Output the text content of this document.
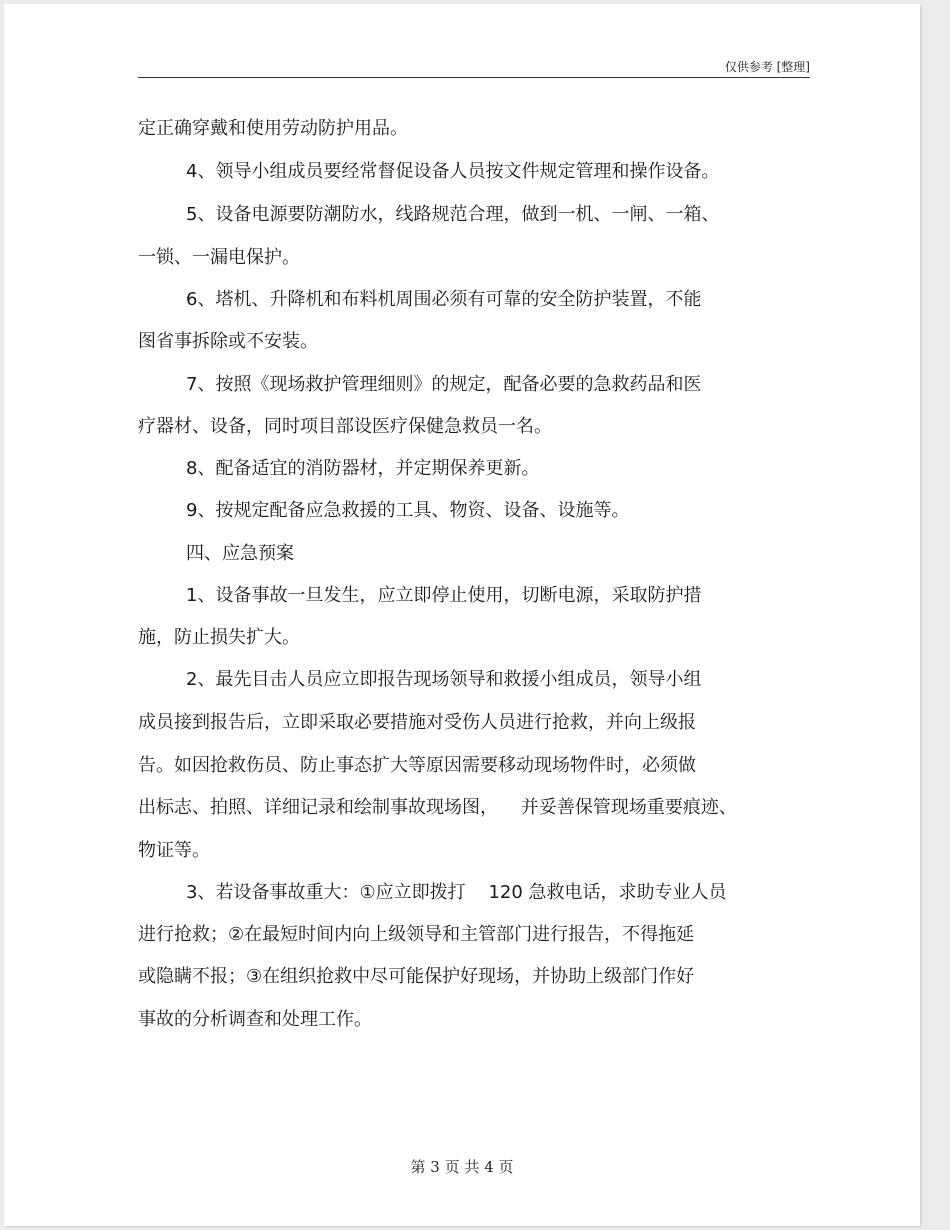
仅供参考 [整理]
定正确穿戴和使用劳动防护用品。
4、领导小组成员要经常督促设备人员按文件规定管理和操作设备。
5、设备电源要防潮防水，线路规范合理，做到一机、一闸、一箱、
一锁、一漏电保护。
6、塔机、升降机和布料机周围必须有可靠的安全防护装置，不能
图省事拆除或不安装。
7、按照《现场救护管理细则》的规定，配备必要的急救药品和医
疗器材、设备，同时项目部设医疗保健急救员一名。
8、配备适宜的消防器材，并定期保养更新。
9、按规定配备应急救援的工具、物资、设备、设施等。
四、应急预案
1、设备事故一旦发生，应立即停止使用，切断电源，采取防护措
施，防止损失扩大。
2、最先目击人员应立即报告现场领导和救援小组成员，领导小组
成员接到报告后，立即采取必要措施对受伤人员进行抢救，并向上级报
告。如因抢救伤员、防止事态扩大等原因需要移动现场物件时，必须做
出标志、拍照、详细记录和绘制事故现场图，    并妥善保管现场重要痕迹、
物证等。
3、若设备事故重大：①应立即拨打    120 急救电话，求助专业人员
进行抢救；②在最短时间内向上级领导和主管部门进行报告，不得拖延
或隐瞒不报；③在组织抢救中尽可能保护好现场，并协助上级部门作好
事故的分析调查和处理工作。
第 3 页 共 4 页
